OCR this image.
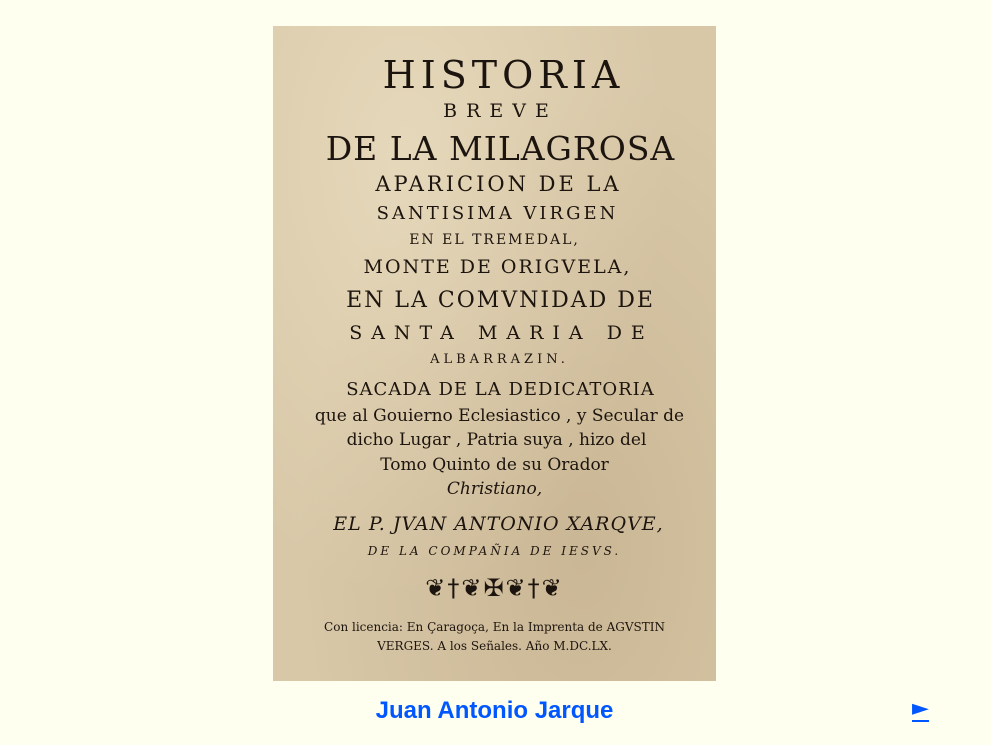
HISTORIA
BREVE
DE LA MILAGROSA
APARICION DE LA
SANTISIMA VIRGEN
EN EL TREMEDAL,
MONTE DE ORIGVELA,
EN LA COMVNIDAD DE
SANTA MARIA DE
ALBARRAZIN.
SACADA DE LA DEDICATORIA
que al Gouierno Eclesiastico , y Secular de
dicho Lugar , Patria suya , hizo del
Tomo Quinto de su Orador
Christiano,
EL P. JVAN ANTONIO XARQVE,
DE LA COMPAÑIA DE IESVS.
❦†❦✠❦†❦
Con licencia: En Çaragoça, En la Imprenta de AGVSTIN
VERGES. A los Señales. Año M.DC.LX.
Juan Antonio Jarque	►
